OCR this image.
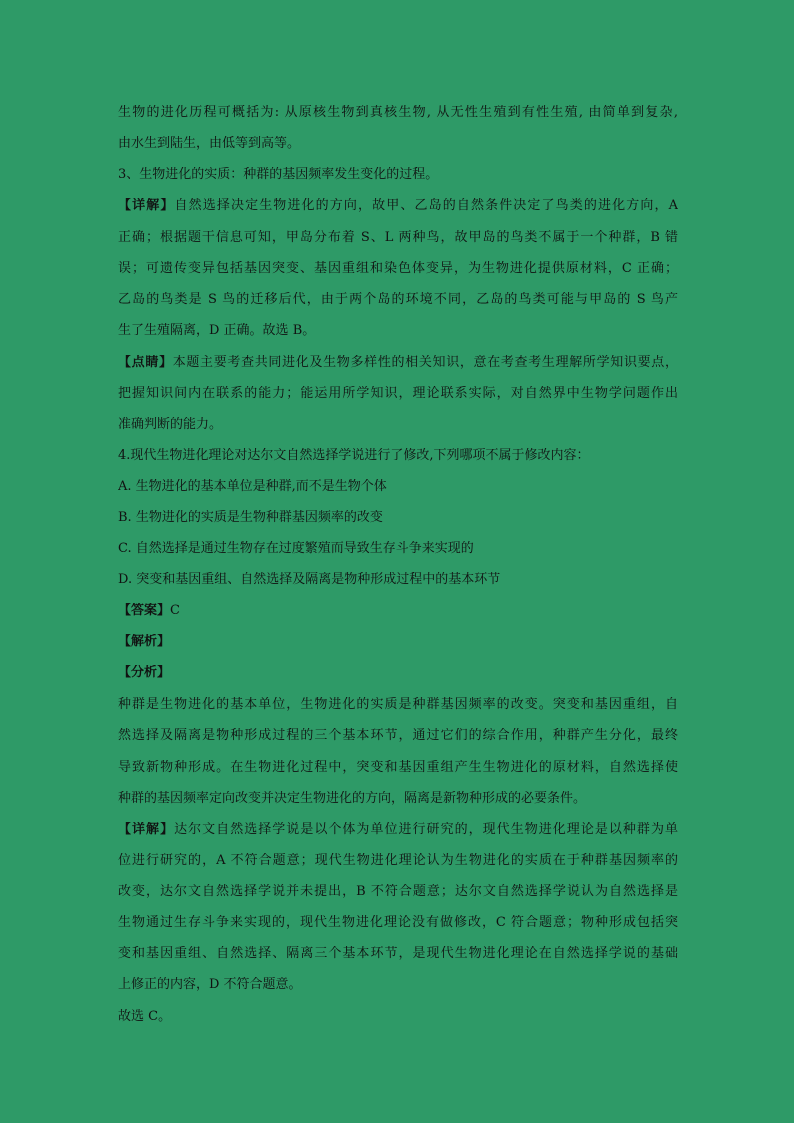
生物的进化历程可概括为: 从原核生物到真核生物, 从无性生殖到有性生殖, 由简单到复杂,
由水生到陆生，由低等到高等。
3、生物进化的实质：种群的基因频率发生变化的过程。
【详解】自然选择决定生物进化的方向，故甲、乙岛的自然条件决定了鸟类的进化方向，A
正确；根据题干信息可知，甲岛分布着 S、L 两种鸟，故甲岛的鸟类不属于一个种群，B 错
误；可遗传变异包括基因突变、基因重组和染色体变异，为生物进化提供原材料，C 正确；
乙岛的鸟类是 S 鸟的迁移后代，由于两个岛的环境不同，乙岛的鸟类可能与甲岛的 S 鸟产
生了生殖隔离，D 正确。故选 B。
【点睛】本题主要考查共同进化及生物多样性的相关知识，意在考查考生理解所学知识要点，
把握知识间内在联系的能力；能运用所学知识，理论联系实际，对自然界中生物学问题作出
准确判断的能力。
4.现代生物进化理论对达尔文自然选择学说进行了修改,下列哪项不属于修改内容：
A. 生物进化的基本单位是种群,而不是生物个体
B. 生物进化的实质是生物种群基因频率的改变
C. 自然选择是通过生物存在过度繁殖而导致生存斗争来实现的
D. 突变和基因重组、自然选择及隔离是物种形成过程中的基本环节
【答案】C
【解析】
【分析】
种群是生物进化的基本单位，生物进化的实质是种群基因频率的改变。突变和基因重组，自
然选择及隔离是物种形成过程的三个基本环节，通过它们的综合作用，种群产生分化，最终
导致新物种形成。在生物进化过程中，突变和基因重组产生生物进化的原材料，自然选择使
种群的基因频率定向改变并决定生物进化的方向，隔离是新物种形成的必要条件。
【详解】达尔文自然选择学说是以个体为单位进行研究的，现代生物进化理论是以种群为单
位进行研究的，A 不符合题意；现代生物进化理论认为生物进化的实质在于种群基因频率的
改变，达尔文自然选择学说并未提出，B 不符合题意；达尔文自然选择学说认为自然选择是
生物通过生存斗争来实现的，现代生物进化理论没有做修改，C 符合题意；物种形成包括突
变和基因重组、自然选择、隔离三个基本环节，是现代生物进化理论在自然选择学说的基础
上修正的内容，D 不符合题意。
故选 C。
